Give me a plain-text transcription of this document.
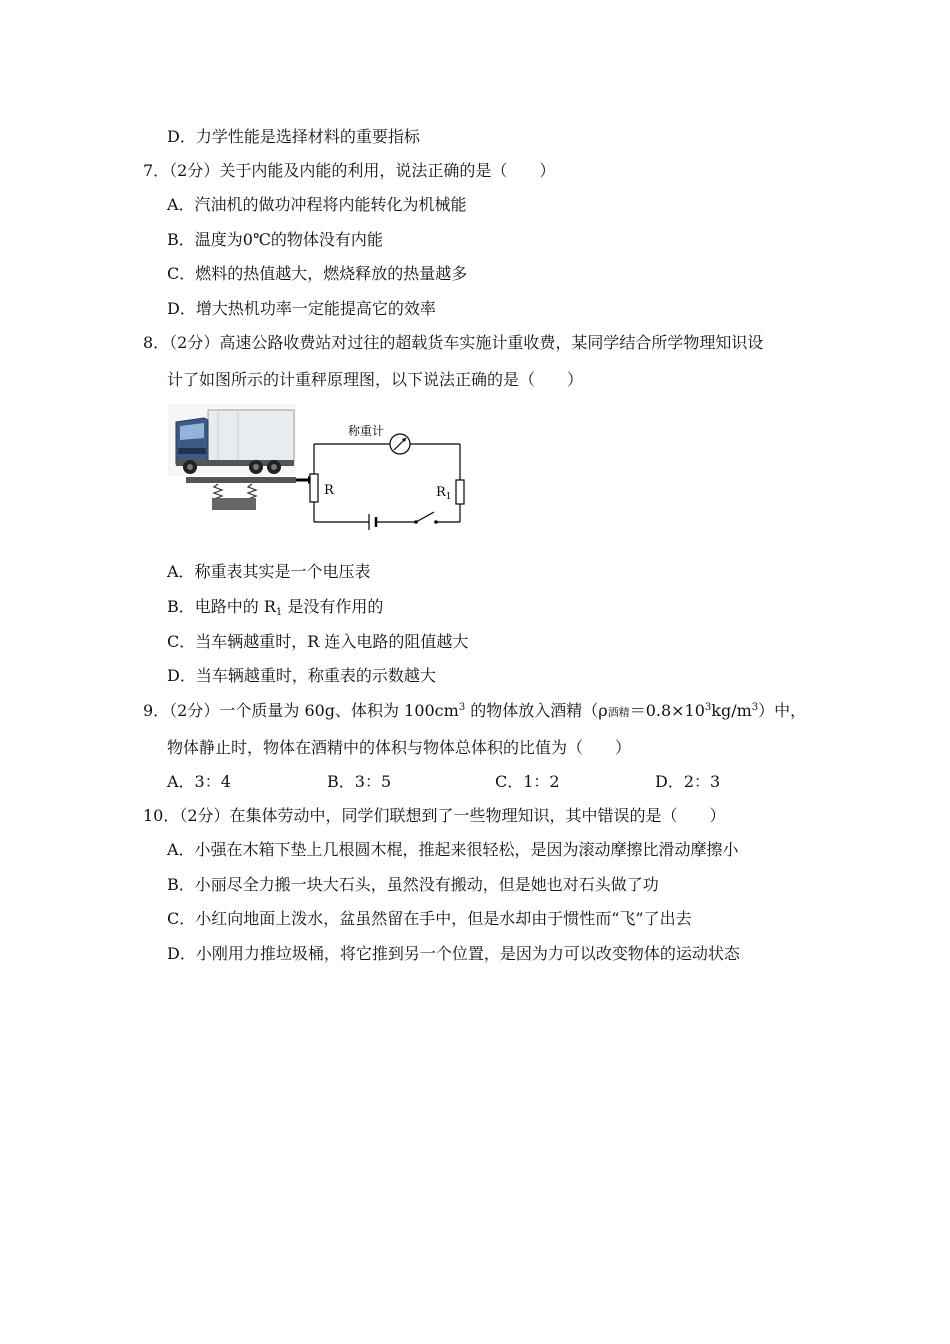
D．力学性能是选择材料的重要指标
7．（2分）关于内能及内能的利用，说法正确的是（　　）
A．汽油机的做功冲程将内能转化为机械能
B．温度为0℃的物体没有内能
C．燃料的热值越大，燃烧释放的热量越多
D．增大热机功率一定能提高它的效率
8．（2分）高速公路收费站对过往的超载货车实施计重收费，某同学结合所学物理知识设
计了如图所示的计重秤原理图，以下说法正确的是（　　）
称重计
R	$R_1$
A．称重表其实是一个电压表
B．电路中的 $R_1$ 是没有作用的
C．当车辆越重时，R 连入电路的阻值越大
D．当车辆越重时，称重表的示数越大
9．（2分）一个质量为 60g、体积为 $100cm^3$ 的物体放入酒精（ρ酒精$=0.8\times 10^3kg/m^3$）中，
物体静止时，物体在酒精中的体积与物体总体积的比值为（　　）
A．3：4	B．3：5	C．1：2	D．2：3
10．（2分）在集体劳动中，同学们联想到了一些物理知识，其中错误的是（　　）
A．小强在木箱下垫上几根圆木棍，推起来很轻松，是因为滚动摩擦比滑动摩擦小
B．小丽尽全力搬一块大石头，虽然没有搬动，但是她也对石头做了功
C．小红向地面上泼水，盆虽然留在手中，但是水却由于惯性而“飞”了出去
D．小刚用力推垃圾桶，将它推到另一个位置，是因为力可以改变物体的运动状态
